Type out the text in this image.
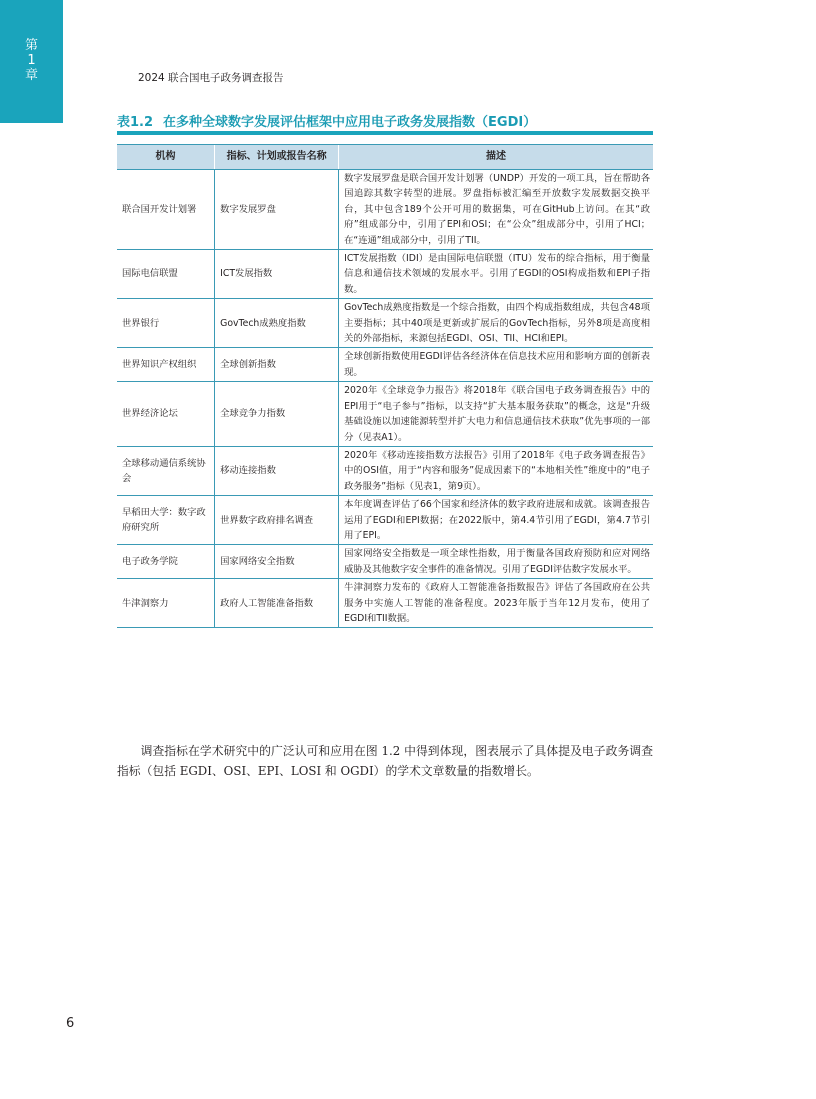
第
1
章	2024 联合国电子政务调查报告
表1.2 在多种全球数字发展评估框架中应用电子政务发展指数（EGDI）
机构	指标、计划或报告名称	描述
联合国开发计划署	数字发展罗盘	数字发展罗盘是联合国开发计划署（UNDP）开发的一项工具，旨在帮助各国追踪其数字转型的进展。罗盘指标被汇编至开放数字发展数据交换平台，其中包含189个公开可用的数据集，可在GitHub上访问。在其“政府”组成部分中，引用了EPI和OSI；在“公众”组成部分中，引用了HCI；在“连通”组成部分中，引用了TII。
国际电信联盟	ICT发展指数	ICT发展指数（IDI）是由国际电信联盟（ITU）发布的综合指标，用于衡量信息和通信技术领域的发展水平。引用了EGDI的OSI构成指数和EPI子指数。
世界银行	GovTech成熟度指数	GovTech成熟度指数是一个综合指数，由四个构成指数组成，共包含48项主要指标；其中40项是更新或扩展后的GovTech指标，另外8项是高度相关的外部指标，来源包括EGDI、OSI、TII、HCI和EPI。
世界知识产权组织	全球创新指数	全球创新指数使用EGDI评估各经济体在信息技术应用和影响方面的创新表现。
世界经济论坛	全球竞争力指数	2020年《全球竞争力报告》将2018年《联合国电子政务调查报告》中的EPI用于“电子参与”指标，以支持“扩大基本服务获取”的概念，这是“升级基础设施以加速能源转型并扩大电力和信息通信技术获取”优先事项的一部分（见表A1）。
全球移动通信系统协会	移动连接指数	2020年《移动连接指数方法报告》引用了2018年《电子政务调查报告》中的OSI值，用于“内容和服务”促成因素下的“本地相关性”维度中的“电子政务服务”指标（见表1，第9页）。
早稻田大学：数字政府研究所	世界数字政府排名调查	本年度调查评估了66个国家和经济体的数字政府进展和成就。该调查报告运用了EGDI和EPI数据；在2022版中，第4.4节引用了EGDI，第4.7节引用了EPI。
电子政务学院	国家网络安全指数	国家网络安全指数是一项全球性指数，用于衡量各国政府预防和应对网络威胁及其他数字安全事件的准备情况。引用了EGDI评估数字发展水平。
牛津洞察力	政府人工智能准备指数	牛津洞察力发布的《政府人工智能准备指数报告》评估了各国政府在公共服务中实施人工智能的准备程度。2023年版于当年12月发布，使用了EGDI和TII数据。

调查指标在学术研究中的广泛认可和应用在图 1.2 中得到体现，图表展示了具体提及电子政务调查指标（包括 EGDI、OSI、EPI、LOSI 和 OGDI）的学术文章数量的指数增长。

6
